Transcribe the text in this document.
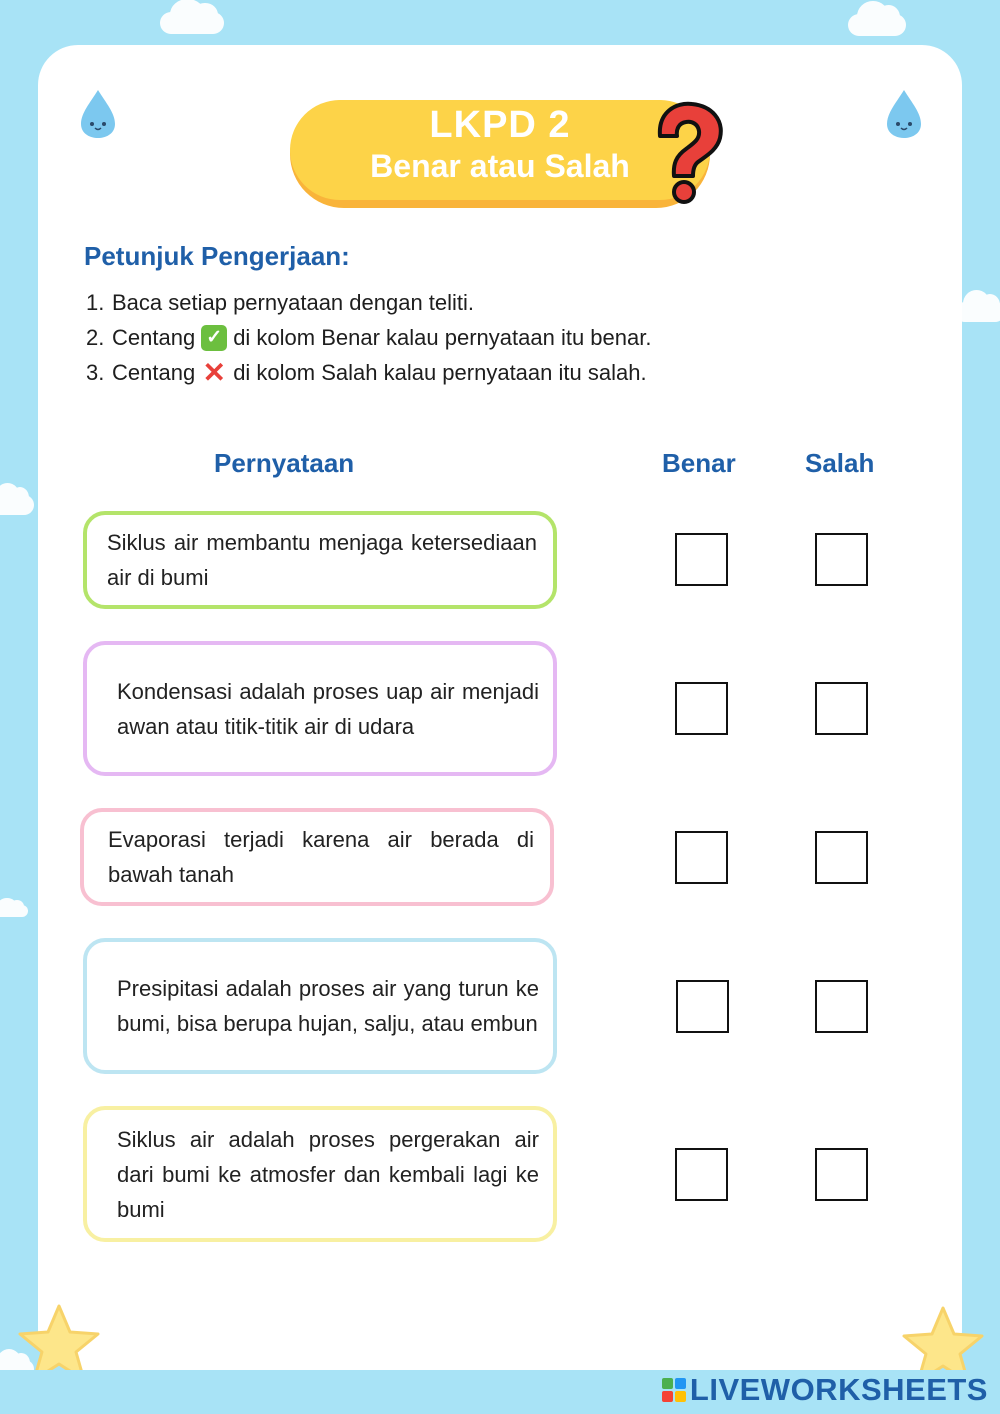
LKPD 2
Benar atau Salah
Petunjuk Pengerjaan:
1. Baca setiap pernyataan dengan teliti.
2. Centang ✓ di kolom Benar kalau pernyataan itu benar.
3. Centang ✕ di kolom Salah kalau pernyataan itu salah.
Pernyataan	Benar	Salah
Siklus air membantu menjaga ketersediaan air di bumi
Kondensasi adalah proses uap air menjadi awan atau titik-titik air di udara
Evaporasi terjadi karena air berada di bawah tanah
Presipitasi adalah proses air yang turun ke bumi, bisa berupa hujan, salju, atau embun
Siklus air adalah proses pergerakan air dari bumi ke atmosfer dan kembali lagi ke bumi
LIVEWORKSHEETS
